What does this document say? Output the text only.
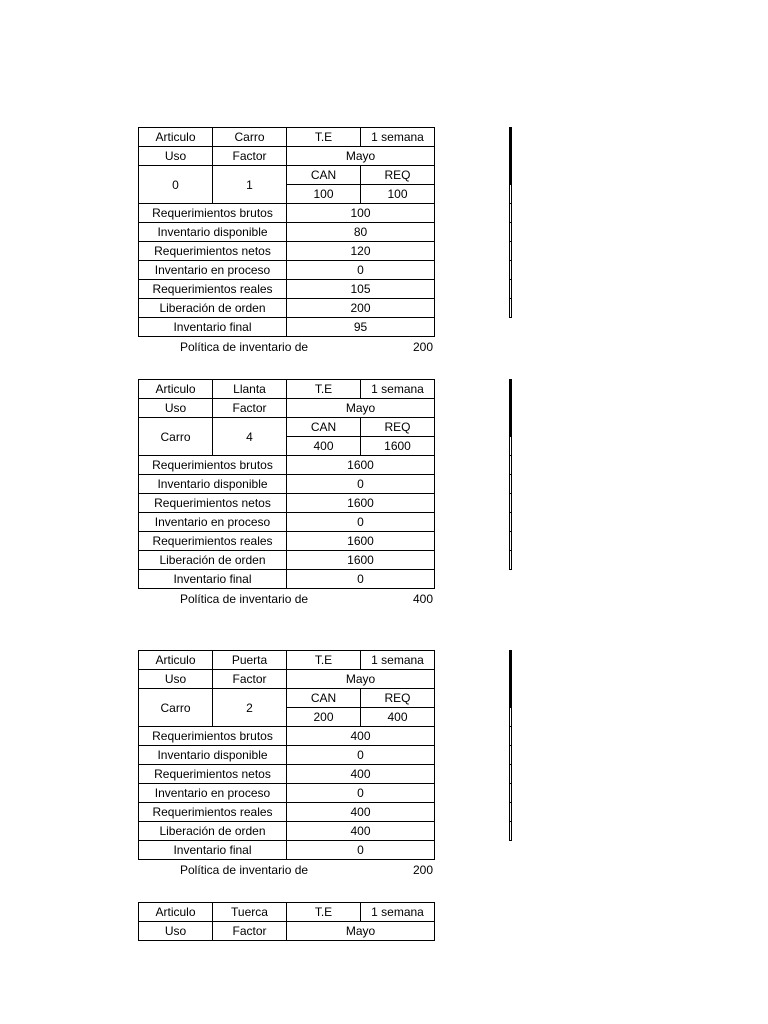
Articulo	Carro	T.E	1 semana
Uso	Factor	Mayo	
0	1	CAN	REQ
		100	100
Requerimientos brutos		100	
Inventario disponible		80	
Requerimientos netos		120	
Inventario en proceso		0	
Requerimientos reales		105	
Liberación de orden		200	
Inventario final		95	
Política de inventario de	200

Articulo	Llanta	T.E	1 semana
Uso	Factor	Mayo	
Carro	4	CAN	REQ
		400	1600
Requerimientos brutos		1600	
Inventario disponible		0	
Requerimientos netos		1600	
Inventario en proceso		0	
Requerimientos reales		1600	
Liberación de orden		1600	
Inventario final		0	
Política de inventario de	400

Articulo	Puerta	T.E	1 semana
Uso	Factor	Mayo	
Carro	2	CAN	REQ
		200	400
Requerimientos brutos		400	
Inventario disponible		0	
Requerimientos netos		400	
Inventario en proceso		0	
Requerimientos reales		400	
Liberación de orden		400	
Inventario final		0	
Política de inventario de	200

Articulo	Tuerca	T.E	1 semana
Uso	Factor	Mayo	
